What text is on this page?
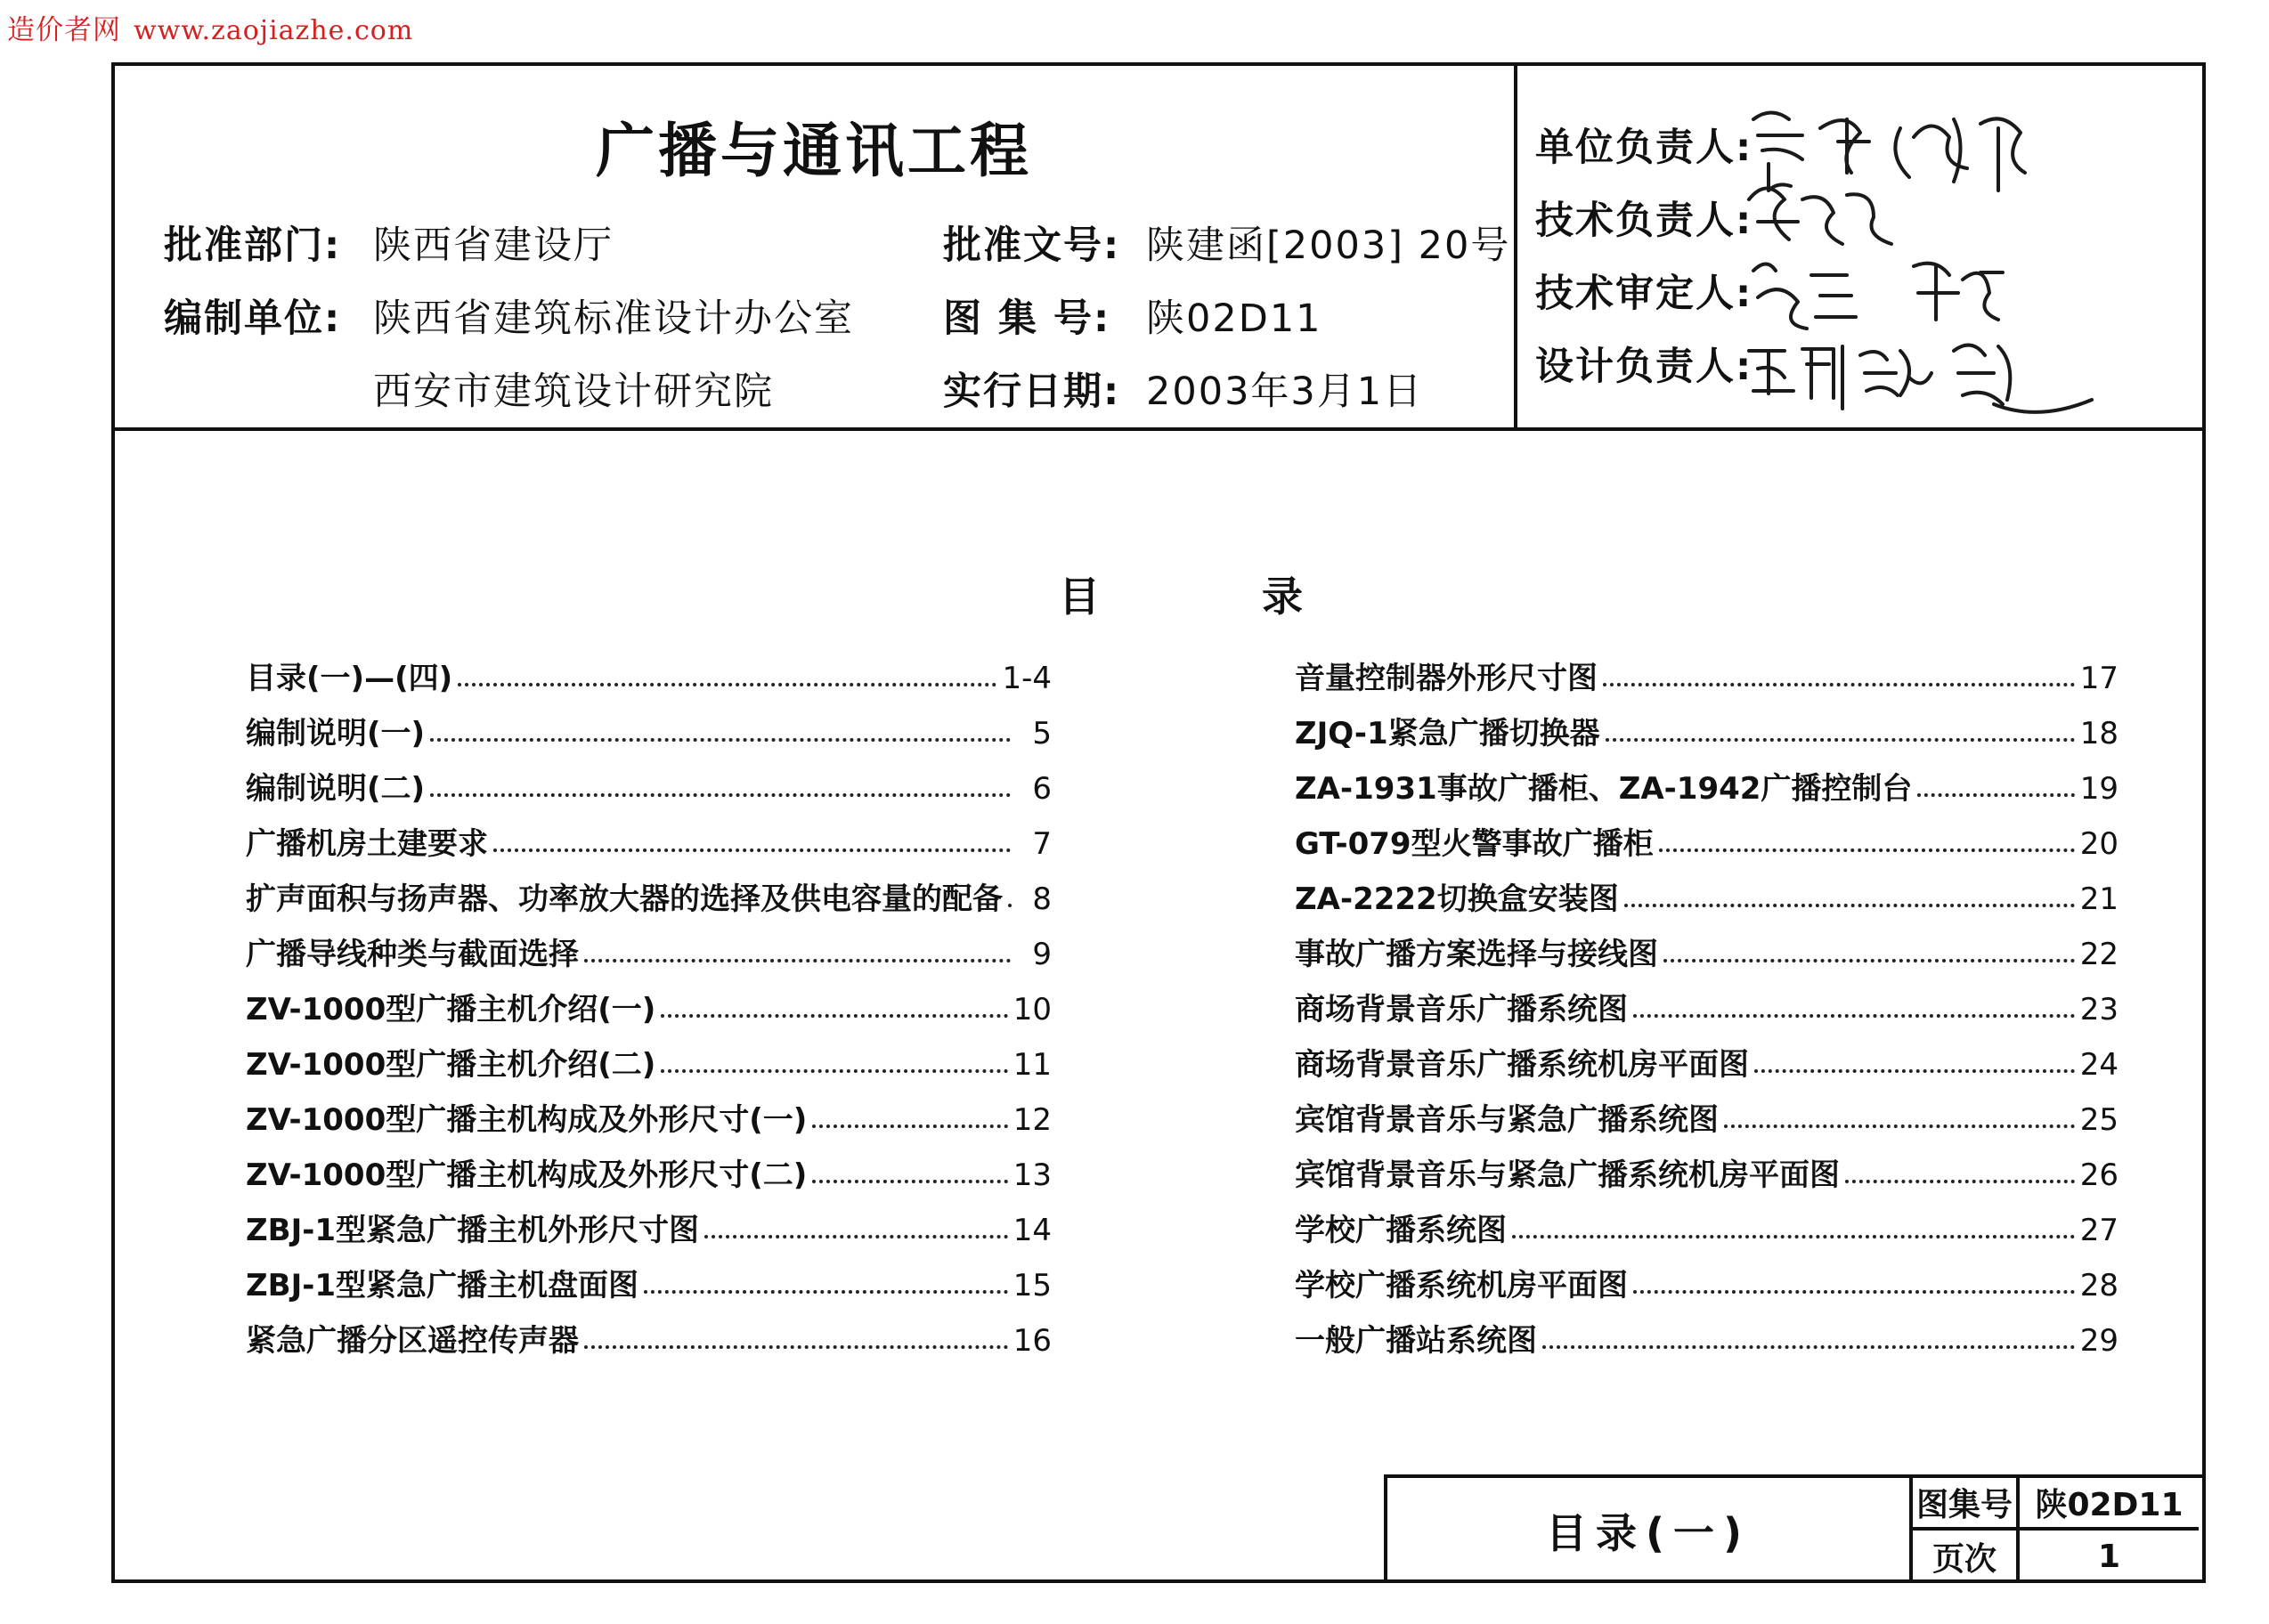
造价者网 www.zaojiazhe.com
广播与通讯工程
批准部门: 陕西省建设厅
编制单位: 陕西省建筑标准设计办公室
西安市建筑设计研究院
批准文号: 陕建函[2003] 20号
图 集 号: 陕02D11
实行日期: 2003年3月1日
单位负责人:
技术负责人:
技术审定人:
设计负责人:
目	录
目录(一)—(四)	1-4
编制说明(一)	5
编制说明(二)	6
广播机房土建要求	7
扩声面积与扬声器、功率放大器的选择及供电容量的配备 8
广播导线种类与截面选择	9
ZV-1000型广播主机介绍(一)	10
ZV-1000型广播主机介绍(二)	11
ZV-1000型广播主机构成及外形尺寸(一)	12
ZV-1000型广播主机构成及外形尺寸(二)	13
ZBJ-1型紧急广播主机外形尺寸图	14
ZBJ-1型紧急广播主机盘面图	15
紧急广播分区遥控传声器	16
音量控制器外形尺寸图	17
ZJQ-1紧急广播切换器	18
ZA-1931事故广播柜、ZA-1942广播控制台	19
GT-079型火警事故广播柜	20
ZA-2222切换盒安装图	21
事故广播方案选择与接线图	22
商场背景音乐广播系统图	23
商场背景音乐广播系统机房平面图	24
宾馆背景音乐与紧急广播系统图	25
宾馆背景音乐与紧急广播系统机房平面图	26
学校广播系统图	27
学校广播系统机房平面图	28
一般广播站系统图	29
目录(一)
图集号 陕02D11
页次	1
